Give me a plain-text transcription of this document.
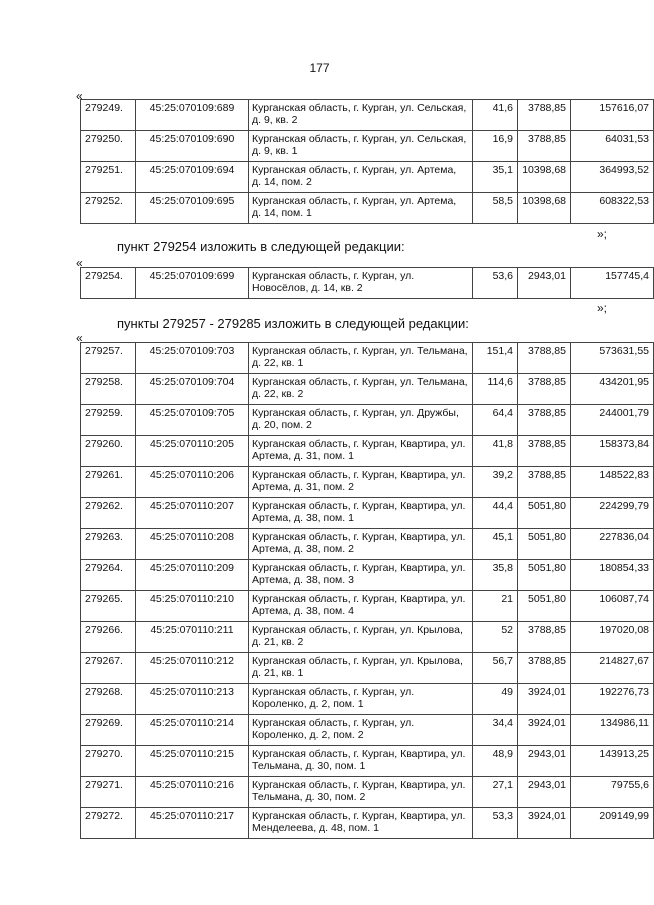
177
«
279249.	45:25:070109:689	Курганская область, г. Курган, ул. Сельская, д. 9, кв. 2	41,6	3788,85	157616,07
279250.	45:25:070109:690	Курганская область, г. Курган, ул. Сельская, д. 9, кв. 1	16,9	3788,85	64031,53
279251.	45:25:070109:694	Курганская область, г. Курган, ул. Артема, д. 14, пом. 2	35,1	10398,68	364993,52
279252.	45:25:070109:695	Курганская область, г. Курган, ул. Артема, д. 14, пом. 1	58,5	10398,68	608322,53
»;
пункт 279254 изложить в следующей редакции:
«
279254.	45:25:070109:699	Курганская область, г. Курган, ул. Новосёлов, д. 14, кв. 2	53,6	2943,01	157745,4
»;
пункты 279257 - 279285 изложить в следующей редакции:
«
279257.	45:25:070109:703	Курганская область, г. Курган, ул. Тельмана, д. 22, кв. 1	151,4	3788,85	573631,55
279258.	45:25:070109:704	Курганская область, г. Курган, ул. Тельмана, д. 22, кв. 2	114,6	3788,85	434201,95
279259.	45:25:070109:705	Курганская область, г. Курган, ул. Дружбы, д. 20, пом. 2	64,4	3788,85	244001,79
279260.	45:25:070110:205	Курганская область, г. Курган, Квартира, ул. Артема, д. 31, пом. 1	41,8	3788,85	158373,84
279261.	45:25:070110:206	Курганская область, г. Курган, Квартира, ул. Артема, д. 31, пом. 2	39,2	3788,85	148522,83
279262.	45:25:070110:207	Курганская область, г. Курган, Квартира, ул. Артема, д. 38, пом. 1	44,4	5051,80	224299,79
279263.	45:25:070110:208	Курганская область, г. Курган, Квартира, ул. Артема, д. 38, пом. 2	45,1	5051,80	227836,04
279264.	45:25:070110:209	Курганская область, г. Курган, Квартира, ул. Артема, д. 38, пом. 3	35,8	5051,80	180854,33
279265.	45:25:070110:210	Курганская область, г. Курган, Квартира, ул. Артема, д. 38, пом. 4	21	5051,80	106087,74
279266.	45:25:070110:211	Курганская область, г. Курган, ул. Крылова, д. 21, кв. 2	52	3788,85	197020,08
279267.	45:25:070110:212	Курганская область, г. Курган, ул. Крылова, д. 21, кв. 1	56,7	3788,85	214827,67
279268.	45:25:070110:213	Курганская область, г. Курган, ул. Короленко, д. 2, пом. 1	49	3924,01	192276,73
279269.	45:25:070110:214	Курганская область, г. Курган, ул. Короленко, д. 2, пом. 2	34,4	3924,01	134986,11
279270.	45:25:070110:215	Курганская область, г. Курган, Квартира, ул. Тельмана, д. 30, пом. 1	48,9	2943,01	143913,25
279271.	45:25:070110:216	Курганская область, г. Курган, Квартира, ул. Тельмана, д. 30, пом. 2	27,1	2943,01	79755,6
279272.	45:25:070110:217	Курганская область, г. Курган, Квартира, ул. Менделеева, д. 48, пом. 1	53,3	3924,01	209149,99
